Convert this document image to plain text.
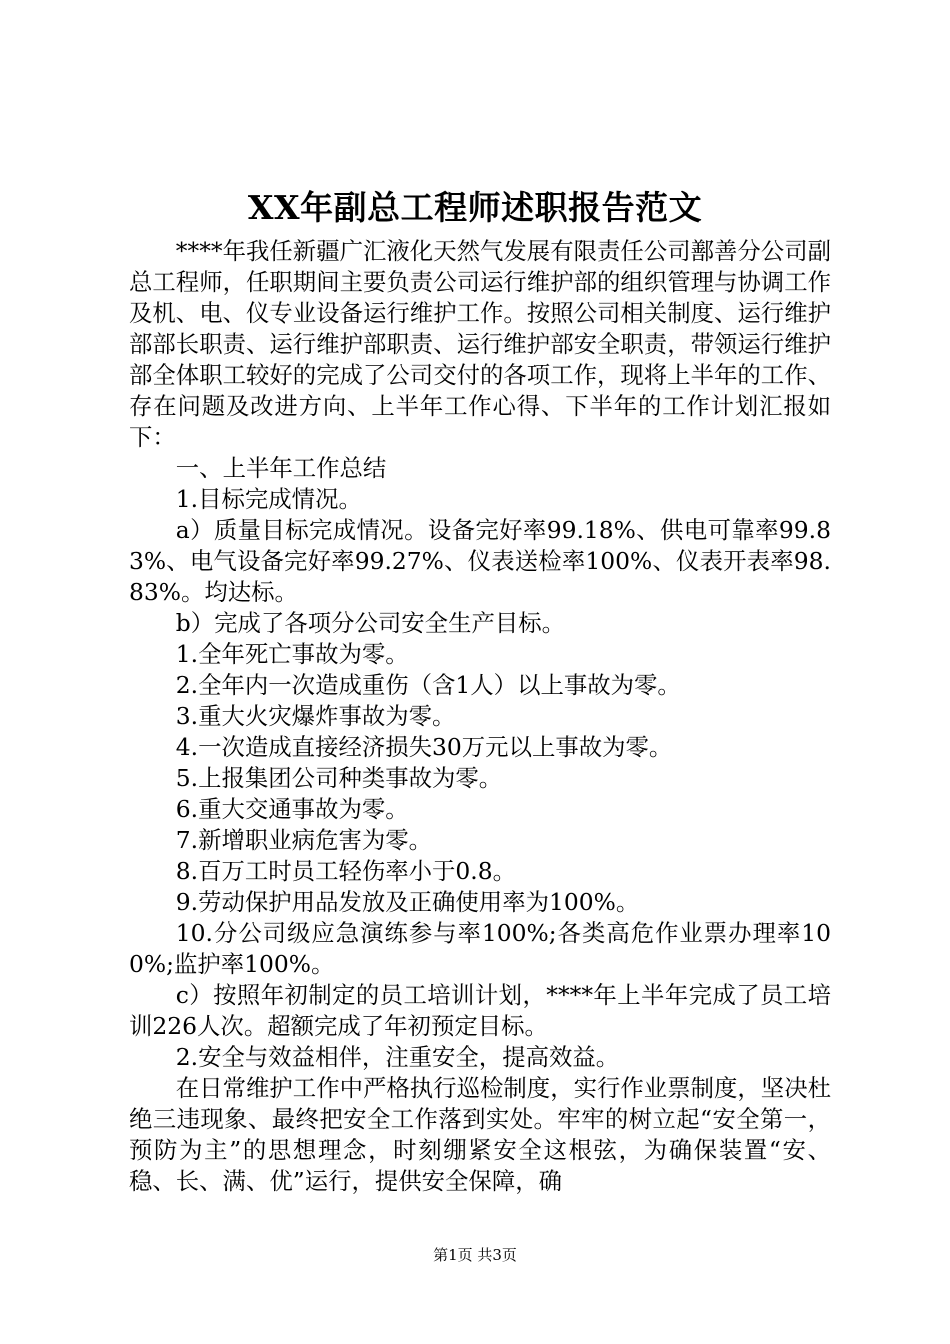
XX年副总工程师述职报告范文

****年我任新疆广汇液化天然气发展有限责任公司鄯善分公司副总工程师，任职期间主要负责公司运行维护部的组织管理与协调工作及机、电、仪专业设备运行维护工作。按照公司相关制度、运行维护部部长职责、运行维护部职责、运行维护部安全职责，带领运行维护部全体职工较好的完成了公司交付的各项工作，现将上半年的工作、存在问题及改进方向、上半年工作心得、下半年的工作计划汇报如下：

一、上半年工作总结

1.目标完成情况。

a）质量目标完成情况。设备完好率99.18%、供电可靠率99.83%、电气设备完好率99.27%、仪表送检率100%、仪表开表率98.83%。均达标。

b）完成了各项分公司安全生产目标。

1.全年死亡事故为零。

2.全年内一次造成重伤（含1人）以上事故为零。

3.重大火灾爆炸事故为零。

4.一次造成直接经济损失30万元以上事故为零。

5.上报集团公司种类事故为零。

6.重大交通事故为零。

7.新增职业病危害为零。

8.百万工时员工轻伤率小于0.8。

9.劳动保护用品发放及正确使用率为100%。

10.分公司级应急演练参与率100%;各类高危作业票办理率100%;监护率100%。

c）按照年初制定的员工培训计划，****年上半年完成了员工培训226人次。超额完成了年初预定目标。

2.安全与效益相伴，注重安全，提高效益。

在日常维护工作中严格执行巡检制度，实行作业票制度，坚决杜绝三违现象、最终把安全工作落到实处。牢牢的树立起“安全第一，预防为主”的思想理念，时刻绷紧安全这根弦，为确保装置“安、稳、长、满、优”运行，提供安全保障，确

第1页 共3页
